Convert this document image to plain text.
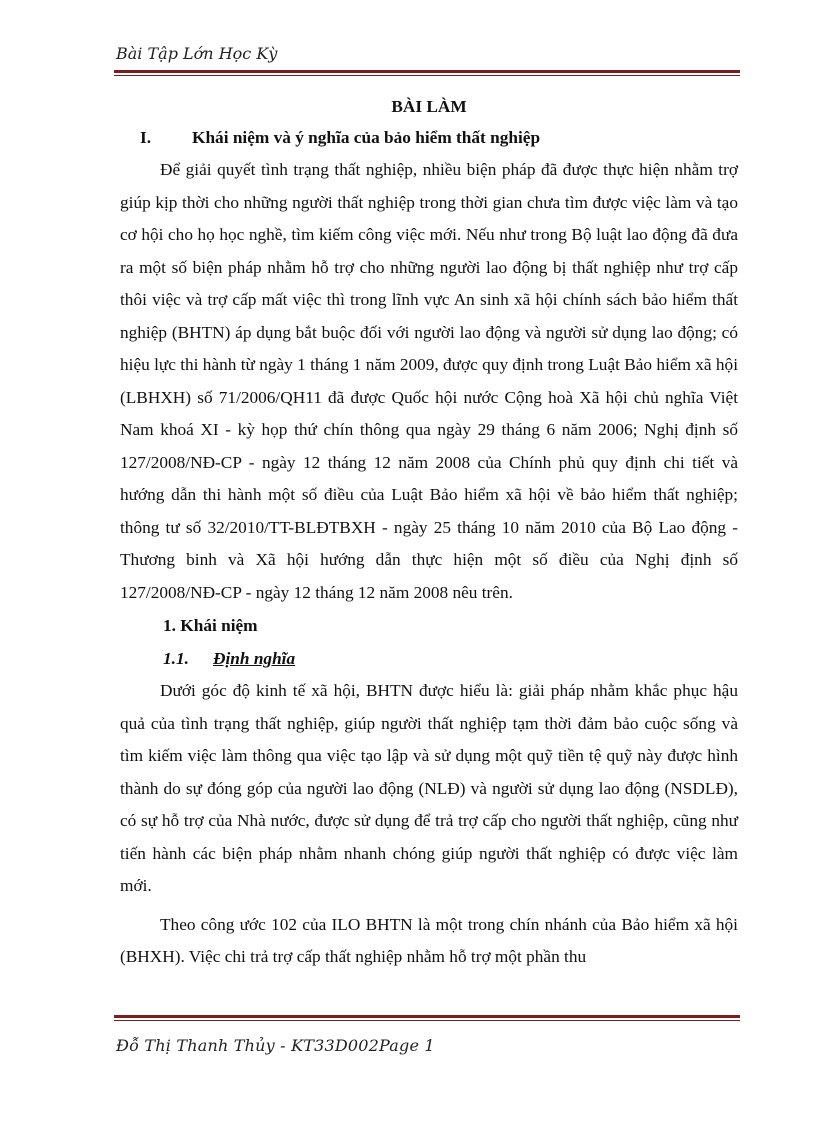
Bài Tập Lớn Học Kỳ
BÀI LÀM
I. Khái niệm và ý nghĩa của bảo hiểm thất nghiệp

Để giải quyết tình trạng thất nghiệp, nhiều biện pháp đã được thực hiện nhằm trợ giúp kịp thời cho những người thất nghiệp trong thời gian chưa tìm được việc làm và tạo cơ hội cho họ học nghề, tìm kiếm công việc mới. Nếu như trong Bộ luật lao động đã đưa ra một số biện pháp nhằm hỗ trợ cho những người lao động bị thất nghiệp như trợ cấp thôi việc và trợ cấp mất việc thì trong lĩnh vực An sinh xã hội chính sách bảo hiểm thất nghiệp (BHTN) áp dụng bắt buộc đối với người lao động và người sử dụng lao động; có hiệu lực thi hành từ ngày 1 tháng 1 năm 2009, được quy định trong Luật Bảo hiểm xã hội (LBHXH) số 71/2006/QH11 đã được Quốc hội nước Cộng hoà Xã hội chủ nghĩa Việt Nam khoá XI - kỳ họp thứ chín thông qua ngày 29 tháng 6 năm 2006; Nghị định số 127/2008/NĐ-CP - ngày 12 tháng 12 năm 2008 của Chính phủ quy định chi tiết và hướng dẫn thi hành một số điều của Luật Bảo hiểm xã hội về bảo hiểm thất nghiệp; thông tư số 32/2010/TT-BLĐTBXH - ngày 25 tháng 10 năm 2010 của Bộ Lao động - Thương binh và Xã hội hướng dẫn thực hiện một số điều của Nghị định số 127/2008/NĐ-CP - ngày 12 tháng 12 năm 2008 nêu trên.

1. Khái niệm
1.1. Định nghĩa

Dưới góc độ kinh tế xã hội, BHTN được hiểu là: giải pháp nhằm khắc phục hậu quả của tình trạng thất nghiệp, giúp người thất nghiệp tạm thời đảm bảo cuộc sống và tìm kiếm việc làm thông qua việc tạo lập và sử dụng một quỹ tiền tệ quỹ này được hình thành do sự đóng góp của người lao động (NLĐ) và người sử dụng lao động (NSDLĐ), có sự hỗ trợ của Nhà nước, được sử dụng để trả trợ cấp cho người thất nghiệp, cũng như tiến hành các biện pháp nhằm nhanh chóng giúp người thất nghiệp có được việc làm mới.

Theo công ước 102 của ILO BHTN là một trong chín nhánh của Bảo hiểm xã hội (BHXH). Việc chi trả trợ cấp thất nghiệp nhằm hỗ trợ một phần thu

Đỗ Thị Thanh Thủy - KT33D002Page 1
